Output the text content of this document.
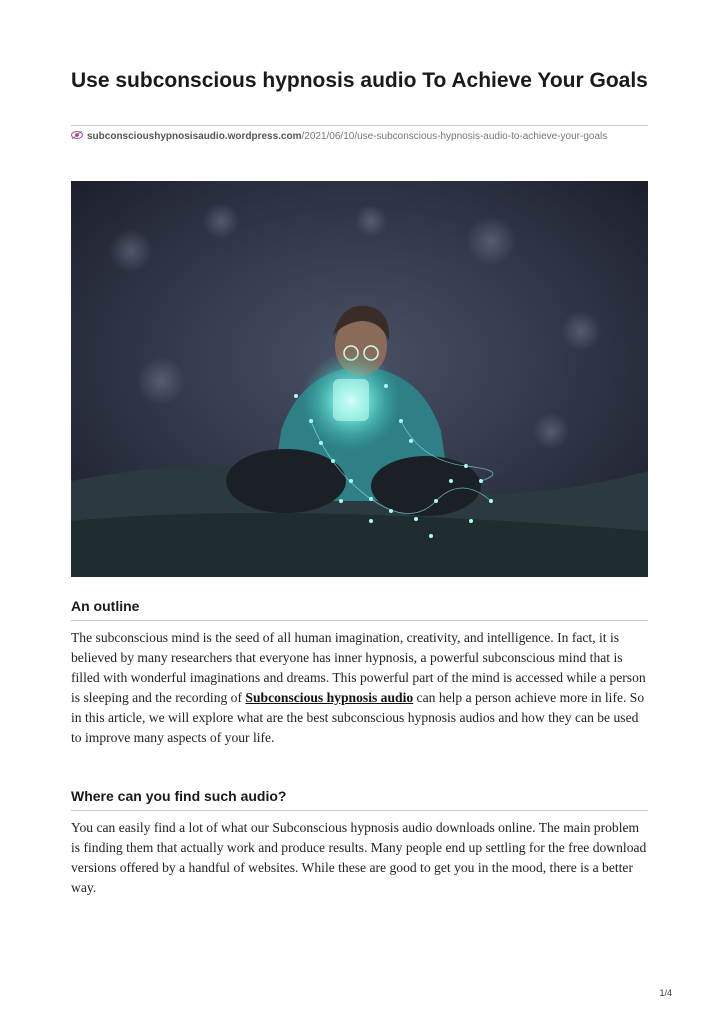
Use subconscious hypnosis audio To Achieve Your Goals
subconscioushypnosisaudio.wordpress.com/2021/06/10/use-subconscious-hypnosis-audio-to-achieve-your-goals
An outline

The subconscious mind is the seed of all human imagination, creativity, and intelligence. In fact, it is believed by many researchers that everyone has inner hypnosis, a powerful subconscious mind that is filled with wonderful imaginations and dreams. This powerful part of the mind is accessed while a person is sleeping and the recording of Subconscious hypnosis audio can help a person achieve more in life. So in this article, we will explore what are the best subconscious hypnosis audios and how they can be used to improve many aspects of your life.

Where can you find such audio?

You can easily find a lot of what our Subconscious hypnosis audio downloads online. The main problem is finding them that actually work and produce results. Many people end up settling for the free download versions offered by a handful of websites. While these are good to get you in the mood, there is a better way.

1/4
